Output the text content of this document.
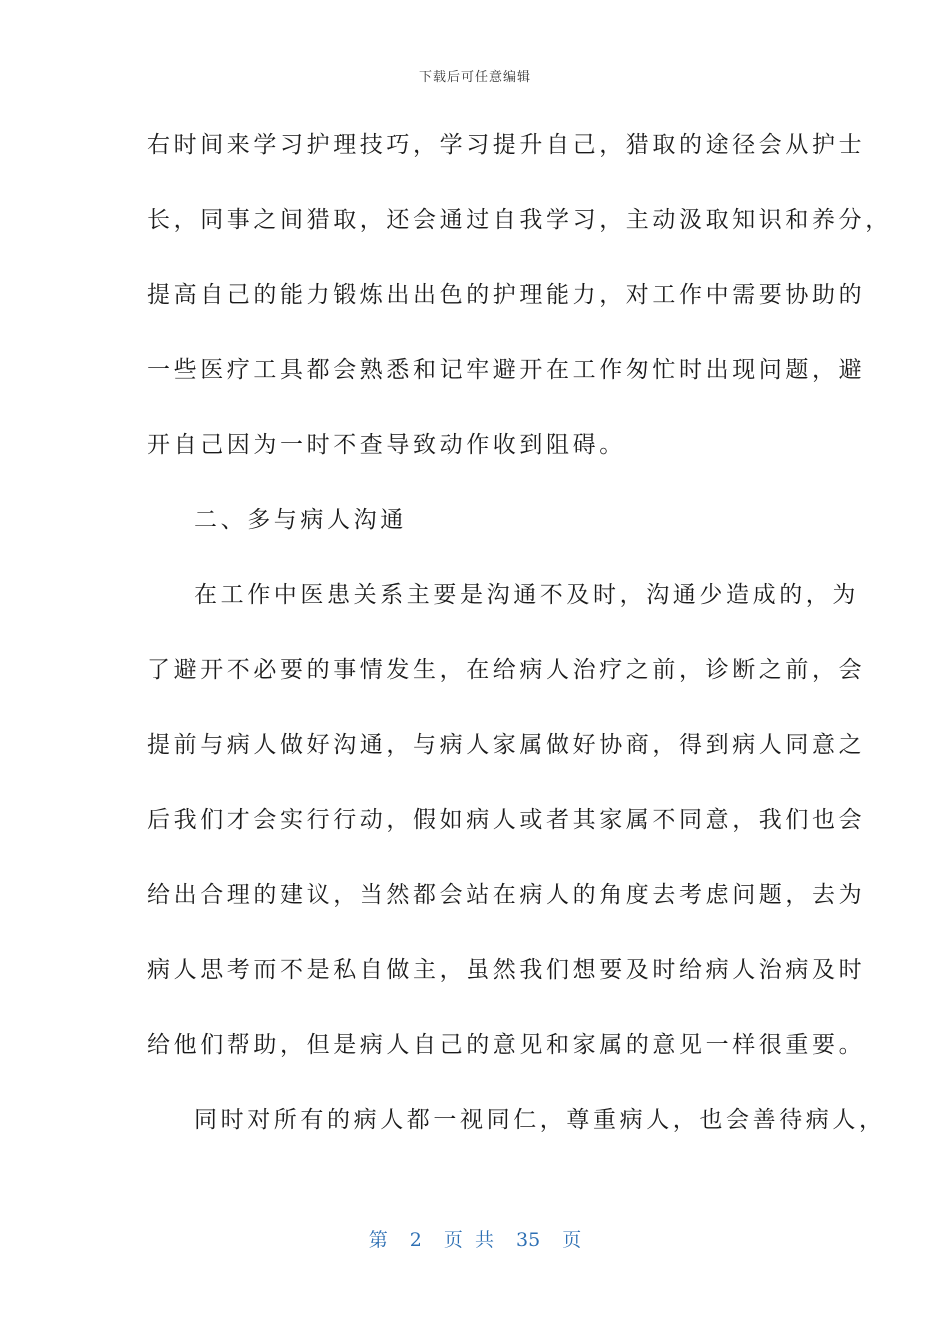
下载后可任意编辑
右时间来学习护理技巧，学习提升自己，猎取的途径会从护士
长，同事之间猎取，还会通过自我学习，主动汲取知识和养分，
提高自己的能力锻炼出出色的护理能力，对工作中需要协助的
一些医疗工具都会熟悉和记牢避开在工作匆忙时出现问题，避
开自己因为一时不查导致动作收到阻碍。
二、多与病人沟通
在工作中医患关系主要是沟通不及时，沟通少造成的，为
了避开不必要的事情发生，在给病人治疗之前，诊断之前，会
提前与病人做好沟通，与病人家属做好协商，得到病人同意之
后我们才会实行行动，假如病人或者其家属不同意，我们也会
给出合理的建议，当然都会站在病人的角度去考虑问题，去为
病人思考而不是私自做主，虽然我们想要及时给病人治病及时
给他们帮助，但是病人自己的意见和家属的意见一样很重要。
同时对所有的病人都一视同仁，尊重病人，也会善待病人，
第 2 页 共 35 页
